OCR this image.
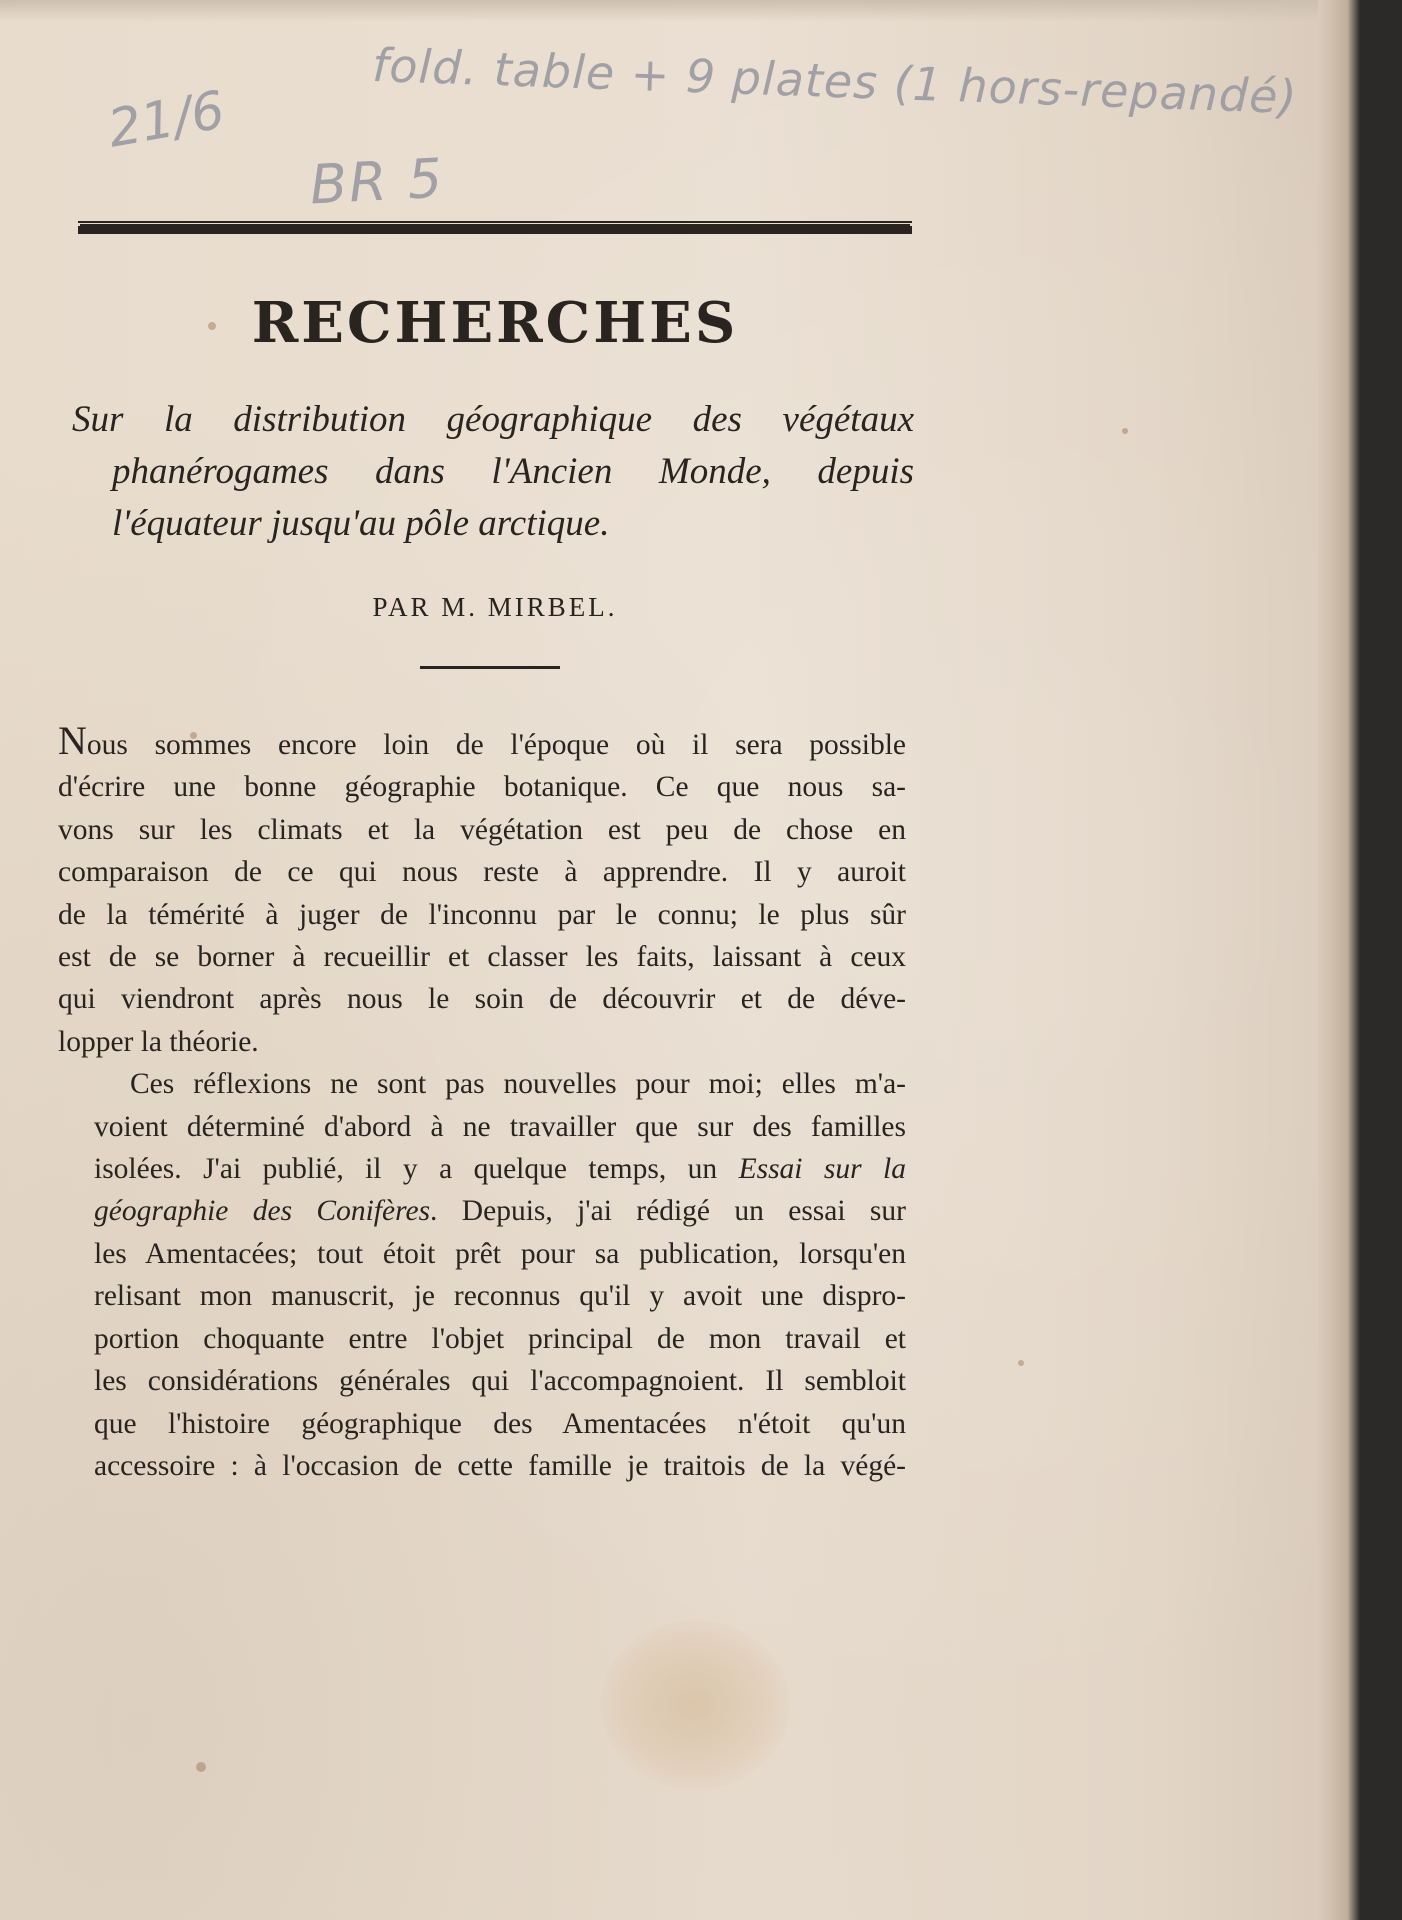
fold. table + 9 plates (1 hors-repandé)
21/6
BR 5
RECHERCHES
Sur la distribution géographique des végétaux
phanérogames dans l'Ancien Monde, depuis
l'équateur jusqu'au pôle arctique.
PAR M. MIRBEL.

Nous sommes encore loin de l'époque où il sera possible
d'écrire une bonne géographie botanique. Ce que nous sa-
vons sur les climats et la végétation est peu de chose en
comparaison de ce qui nous reste à apprendre. Il y auroit
de la témérité à juger de l'inconnu par le connu; le plus sûr
est de se borner à recueillir et classer les faits, laissant à ceux
qui viendront après nous le soin de découvrir et de déve-
lopper la théorie.

Ces réflexions ne sont pas nouvelles pour moi; elles m'a-
voient déterminé d'abord à ne travailler que sur des familles
isolées. J'ai publié, il y a quelque temps, un Essai sur la
géographie des Conifères. Depuis, j'ai rédigé un essai sur
les Amentacées; tout étoit prêt pour sa publication, lorsqu'en
relisant mon manuscrit, je reconnus qu'il y avoit une dispro-
portion choquante entre l'objet principal de mon travail et
les considérations générales qui l'accompagnoient. Il sembloit
que l'histoire géographique des Amentacées n'étoit qu'un
accessoire : à l'occasion de cette famille je traitois de la végé-
